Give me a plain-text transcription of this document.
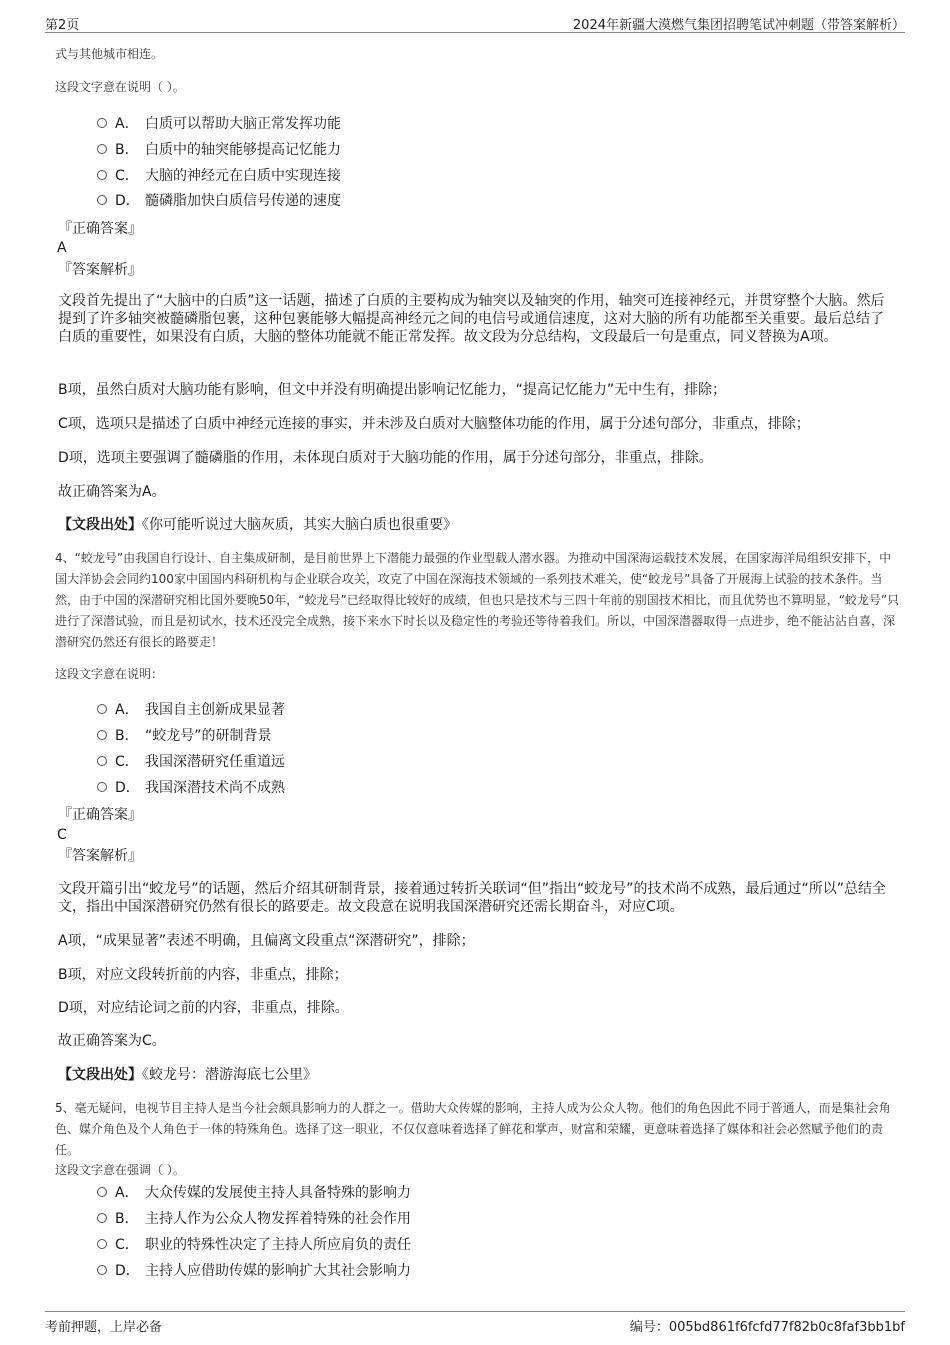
第2页	2024年新疆大漠燃气集团招聘笔试冲刺题（带答案解析）
式与其他城市相连。
这段文字意在说明（ ）。
A． 白质可以帮助大脑正常发挥功能
B． 白质中的轴突能够提高记忆能力
C． 大脑的神经元在白质中实现连接
D． 髓磷脂加快白质信号传递的速度
『正确答案』
A
『答案解析』
文段首先提出了“大脑中的白质”这一话题，描述了白质的主要构成为轴突以及轴突的作用，轴突可连接神经元，并贯穿整个大脑。然后提到了许多轴突被髓磷脂包裹，这种包裹能够大幅提高神经元之间的电信号或通信速度，这对大脑的所有功能都至关重要。最后总结了白质的重要性，如果没有白质，大脑的整体功能就不能正常发挥。故文段为分总结构，文段最后一句是重点，同义替换为A项。
B项，虽然白质对大脑功能有影响，但文中并没有明确提出影响记忆能力，“提高记忆能力”无中生有，排除；
C项，选项只是描述了白质中神经元连接的事实，并未涉及白质对大脑整体功能的作用，属于分述句部分，非重点，排除；
D项，选项主要强调了髓磷脂的作用，未体现白质对于大脑功能的作用，属于分述句部分，非重点，排除。
故正确答案为A。
【文段出处】《你可能听说过大脑灰质，其实大脑白质也很重要》
4、“蛟龙号”由我国自行设计、自主集成研制，是目前世界上下潜能力最强的作业型载人潜水器。为推动中国深海运载技术发展，在国家海洋局组织安排下，中国大洋协会会同约100家中国国内科研机构与企业联合攻关，攻克了中国在深海技术领域的一系列技术难关，使“蛟龙号”具备了开展海上试验的技术条件。当然，由于中国的深潜研究相比国外要晚50年，“蛟龙号”已经取得比较好的成绩，但也只是技术与三四十年前的别国技术相比，而且优势也不算明显，“蛟龙号”只进行了深潜试验，而且是初试水，技术还没完全成熟，接下来水下时长以及稳定性的考验还等待着我们。所以，中国深潜器取得一点进步，绝不能沾沾自喜，深潜研究仍然还有很长的路要走！
这段文字意在说明：
A． 我国自主创新成果显著
B． “蛟龙号”的研制背景
C． 我国深潜研究任重道远
D． 我国深潜技术尚不成熟
『正确答案』
C
『答案解析』
文段开篇引出“蛟龙号”的话题，然后介绍其研制背景，接着通过转折关联词“但”指出“蛟龙号”的技术尚不成熟，最后通过“所以”总结全文，指出中国深潜研究仍然有很长的路要走。故文段意在说明我国深潜研究还需长期奋斗，对应C项。
A项，“成果显著”表述不明确，且偏离文段重点“深潜研究”，排除；
B项，对应文段转折前的内容，非重点，排除；
D项，对应结论词之前的内容，非重点，排除。
故正确答案为C。
【文段出处】《蛟龙号：潜游海底七公里》
5、毫无疑问，电视节目主持人是当今社会颇具影响力的人群之一。借助大众传媒的影响，主持人成为公众人物。他们的角色因此不同于普通人，而是集社会角色、媒介角色及个人角色于一体的特殊角色。选择了这一职业，不仅仅意味着选择了鲜花和掌声，财富和荣耀，更意味着选择了媒体和社会必然赋予他们的责任。
这段文字意在强调（ ）。
A． 大众传媒的发展使主持人具备特殊的影响力
B． 主持人作为公众人物发挥着特殊的社会作用
C． 职业的特殊性决定了主持人所应肩负的责任
D． 主持人应借助传媒的影响扩大其社会影响力
考前押题，上岸必备	编号：005bd861f6fcfd77f82b0c8faf3bb1bf
